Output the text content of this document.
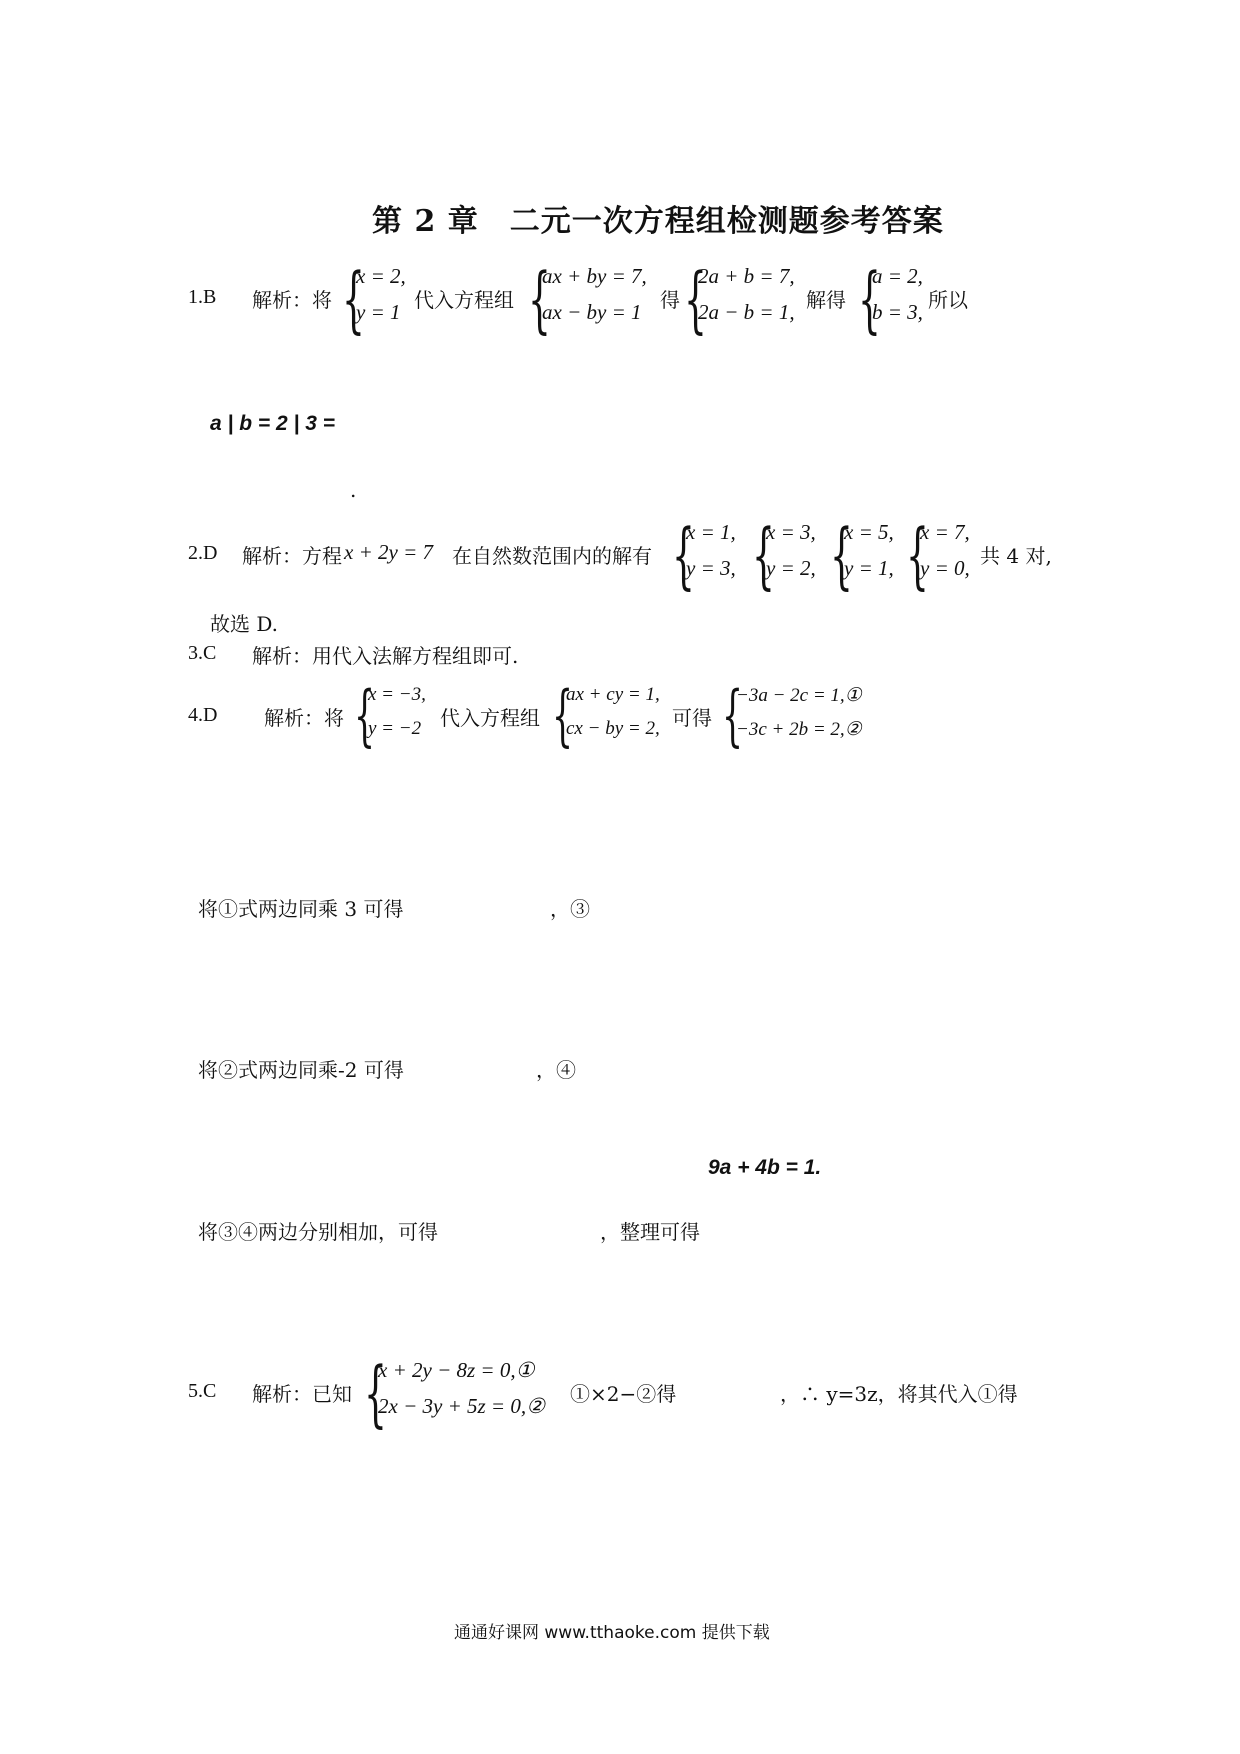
第 2 章　二元一次方程组检测题参考答案
1.B 解析：将 {
x = 2,
y = 1 代入方程组 {
ax + by = 7,
ax − by = 1 得 {
2a + b = 7,
2a − b = 1, 解得 {
a = 2,
b = 3, 所以
a | b = 2 | 3 =
.
2.D 解析：方程 x + 2y = 7 在自然数范围内的解有 {
x = 1,
y = 3, {
x = 3,
y = 2, {
x = 5,
y = 1, {
x = 7,
y = 0, 共 4 对,
故选 D.
3.C 解析：用代入法解方程组即可.
4.D 解析：将 {
x = −3,
y = −2 代入方程组 {
ax + cy = 1,
cx − by = 2, 可得 {
−3a − 2c = 1,①
−3c + 2b = 2,②
将①式两边同乘 3 可得	，③
将②式两边同乘-2 可得	，④
9a + 4b = 1.
将③④两边分别相加，可得	，整理可得
5.C 解析：已知 {
x + 2y − 8z = 0,①
2x − 3y + 5z = 0,② ①×2−②得	，∴ y=3z，将其代入①得
通通好课网 www.tthaoke.com 提供下载
